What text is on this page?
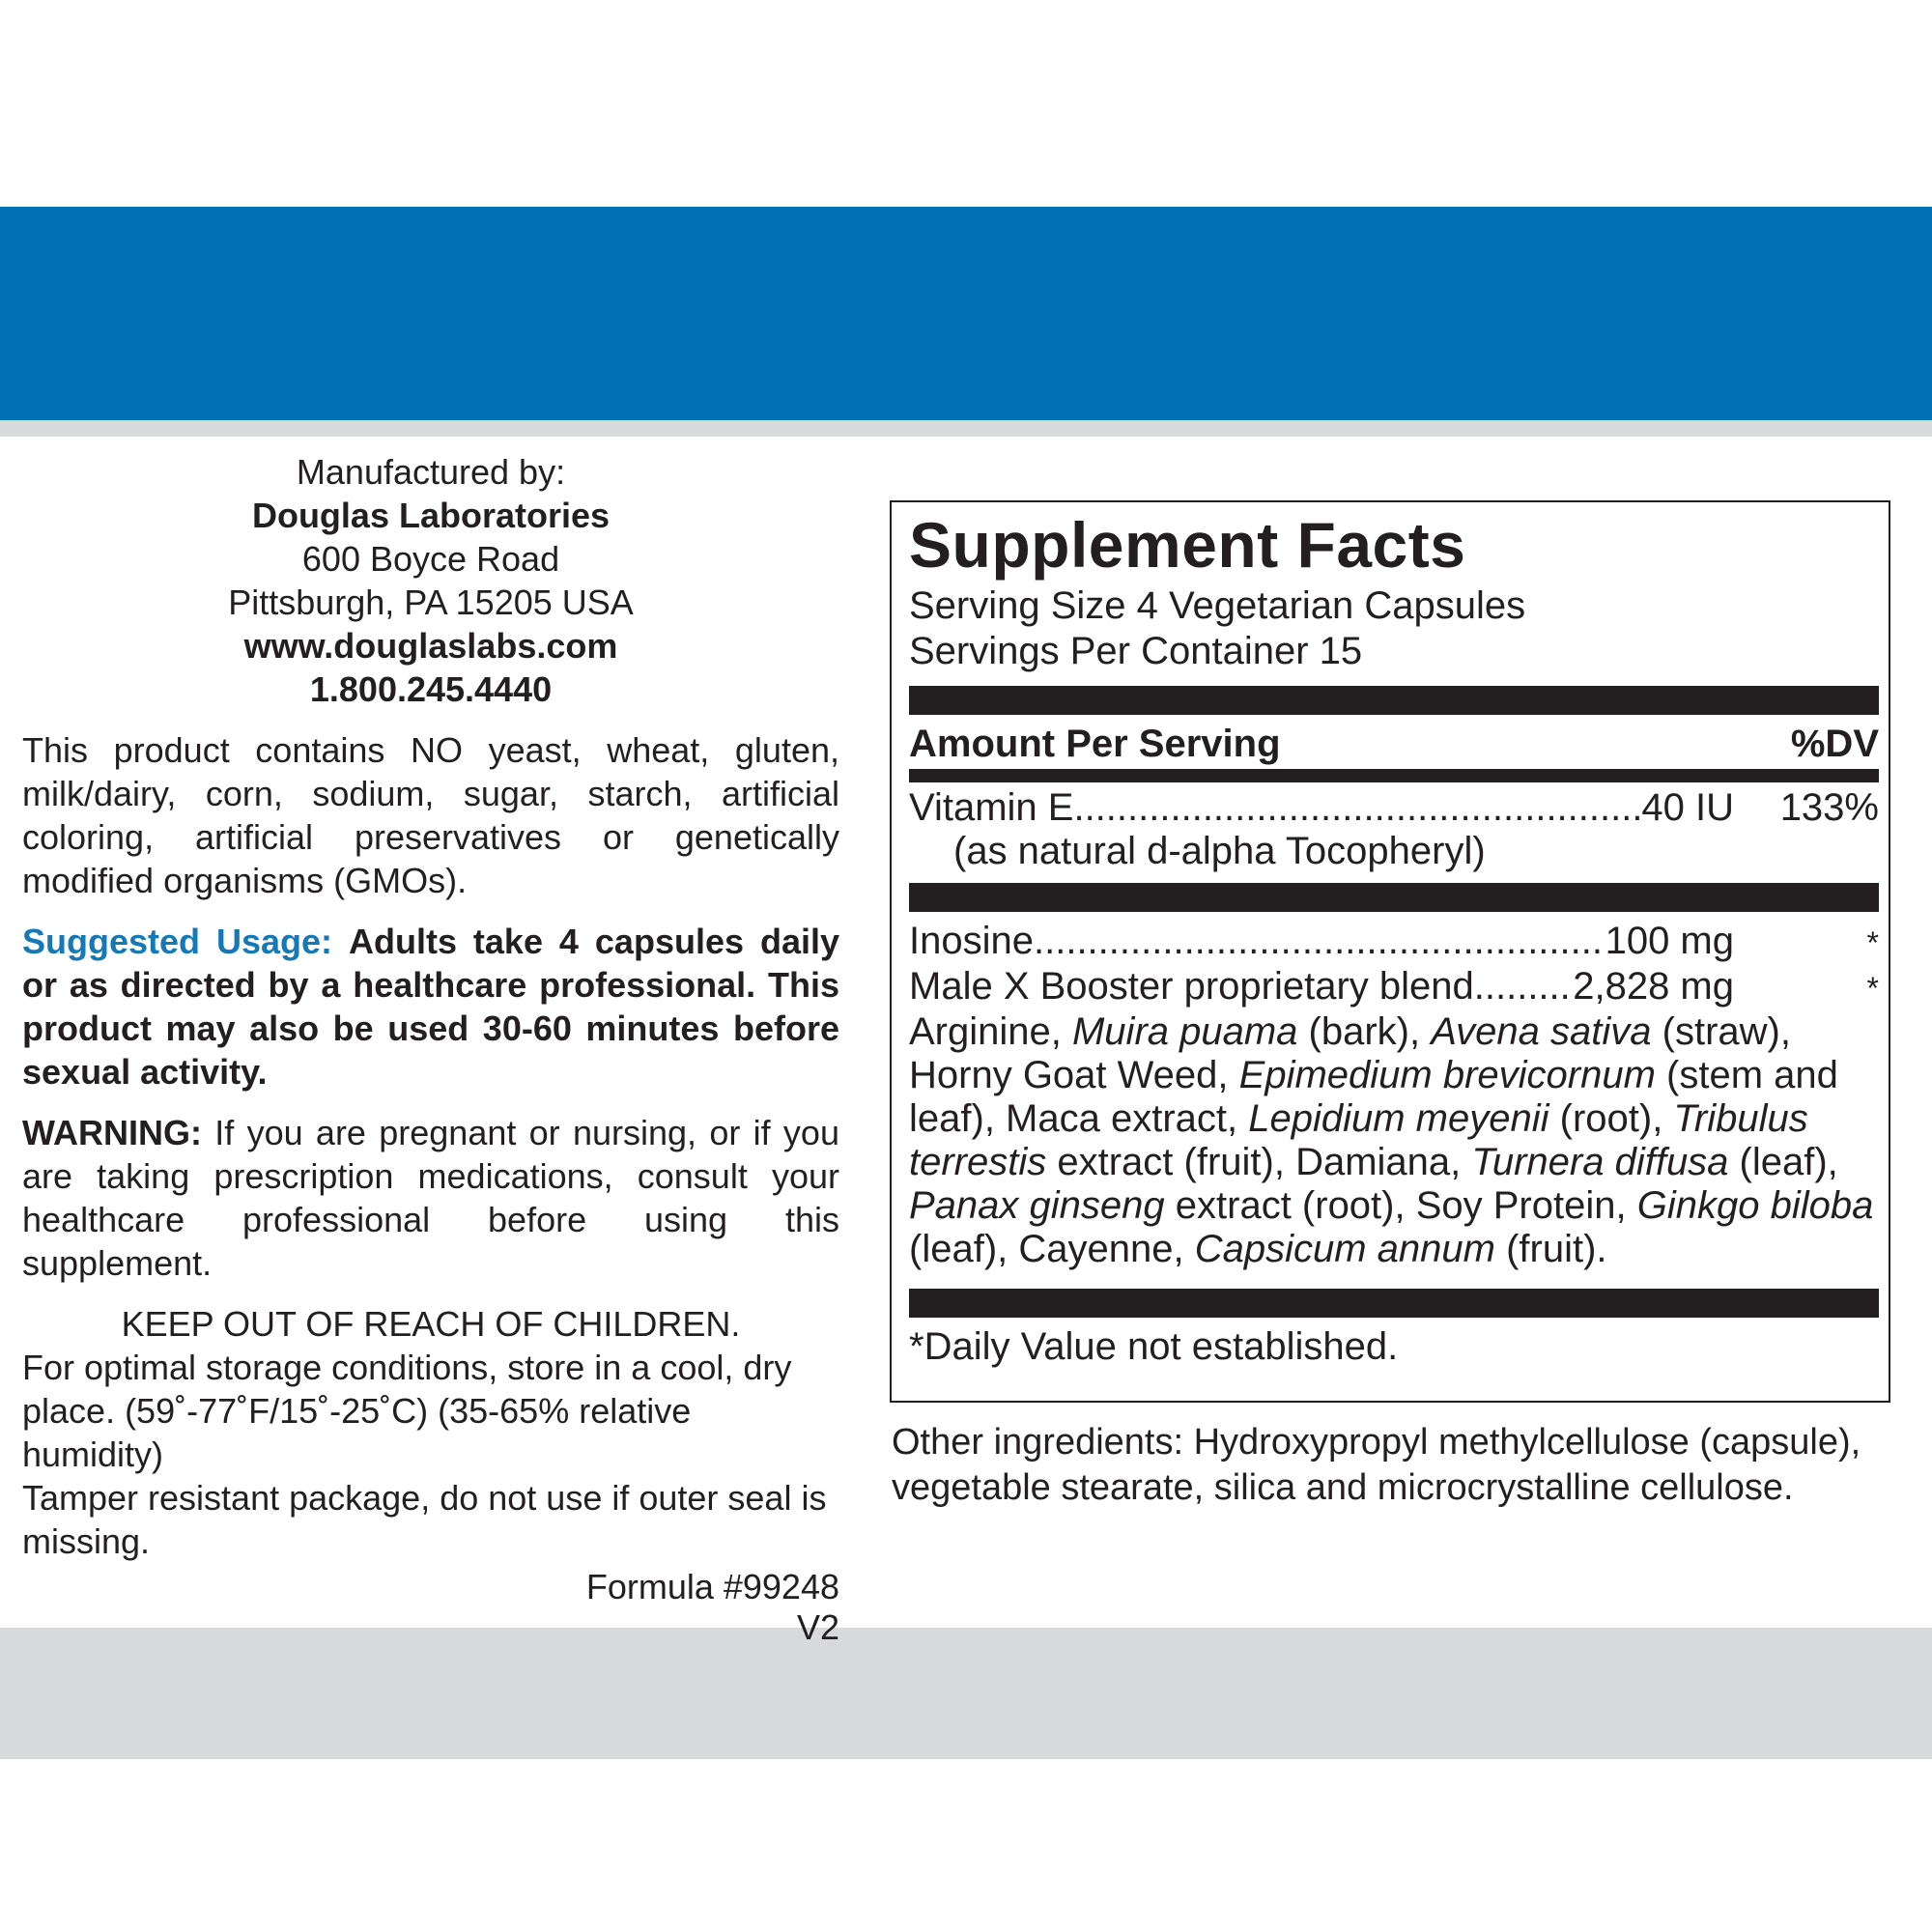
Manufactured by:
Douglas Laboratories
600 Boyce Road
Pittsburgh, PA 15205 USA
www.douglaslabs.com
1.800.245.4440

This product contains NO yeast, wheat, gluten, milk/dairy, corn, sodium, sugar, starch, artificial coloring, artificial preservatives or genetically modified organisms (GMOs).

Suggested Usage: Adults take 4 capsules daily or as directed by a healthcare professional. This product may also be used 30-60 minutes before sexual activity.

WARNING: If you are pregnant or nursing, or if you are taking prescription medications, consult your healthcare professional before using this supplement.

KEEP OUT OF REACH OF CHILDREN.
For optimal storage conditions, store in a cool, dry place. (59˚-77˚F/15˚-25˚C) (35-65% relative humidity)
Tamper resistant package, do not use if outer seal is missing.
Formula #99248
V2
Supplement Facts
Serving Size 4 Vegetarian Capsules
Servings Per Container 15
Amount Per Serving	%DV
Vitamin E .....	40 IU	133%
(as natural d-alpha Tocopheryl)
Inosine .....	100 mg	*
Male X Booster proprietary blend .....	2,828 mg	*
Arginine, Muira puama (bark), Avena sativa (straw), Horny Goat Weed, Epimedium brevicornum (stem and leaf), Maca extract, Lepidium meyenii (root), Tribulus terrestis extract (fruit), Damiana, Turnera diffusa (leaf), Panax ginseng extract (root), Soy Protein, Ginkgo biloba (leaf), Cayenne, Capsicum annum (fruit).
*Daily Value not established.
Other ingredients: Hydroxypropyl methylcellulose (capsule), vegetable stearate, silica and microcrystalline cellulose.
